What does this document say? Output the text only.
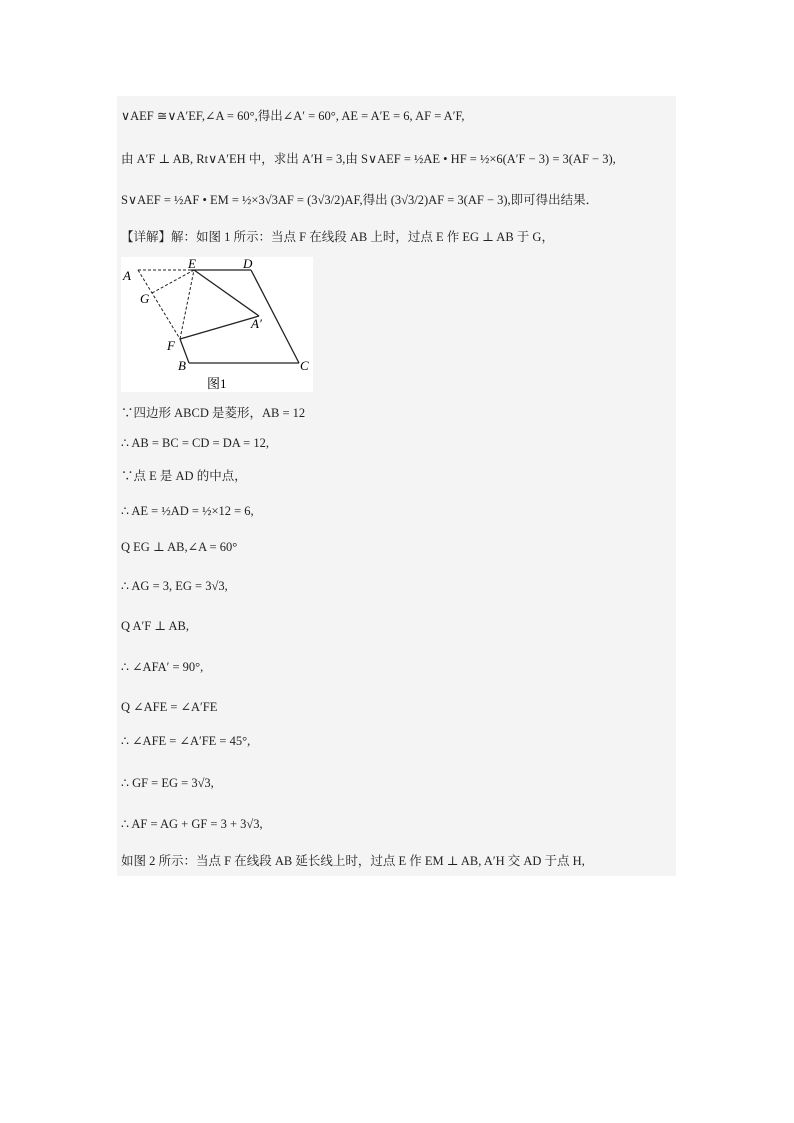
∨AEF ≅∨A′EF,∠A = 60°,得出∠A′ = 60°, AE = A′E = 6, AF = A′F,
由 A′F ⊥ AB, Rt∨A′EH 中，求出 A′H = 3,由 S∨AEF = ½AE • HF = ½×6(A′F − 3) = 3(AF − 3),
S∨AEF = ½AF • EM = ½×3√3AF = (3√3/2)AF,得出 (3√3/2)AF = 3(AF − 3),即可得出结果．
【详解】解：如图 1 所示：当点 F 在线段 AB 上时，过点 E 作 EG ⊥ AB 于 G，
A
E	D
G
A′
F
B	C
图1
∵四边形 ABCD 是菱形，AB = 12
∴ AB = BC = CD = DA = 12,
∵点 E 是 AD 的中点，
∴ AE = ½AD = ½×12 = 6,
Q EG ⊥ AB,∠A = 60°
∴ AG = 3, EG = 3√3,
Q A′F ⊥ AB,
∴ ∠AFA′ = 90°,
Q ∠AFE = ∠A′FE
∴ ∠AFE = ∠A′FE = 45°,
∴ GF = EG = 3√3,
∴ AF = AG + GF = 3 + 3√3,
如图 2 所示：当点 F 在线段 AB 延长线上时，过点 E 作 EM ⊥ AB, A′H 交 AD 于点 H,
